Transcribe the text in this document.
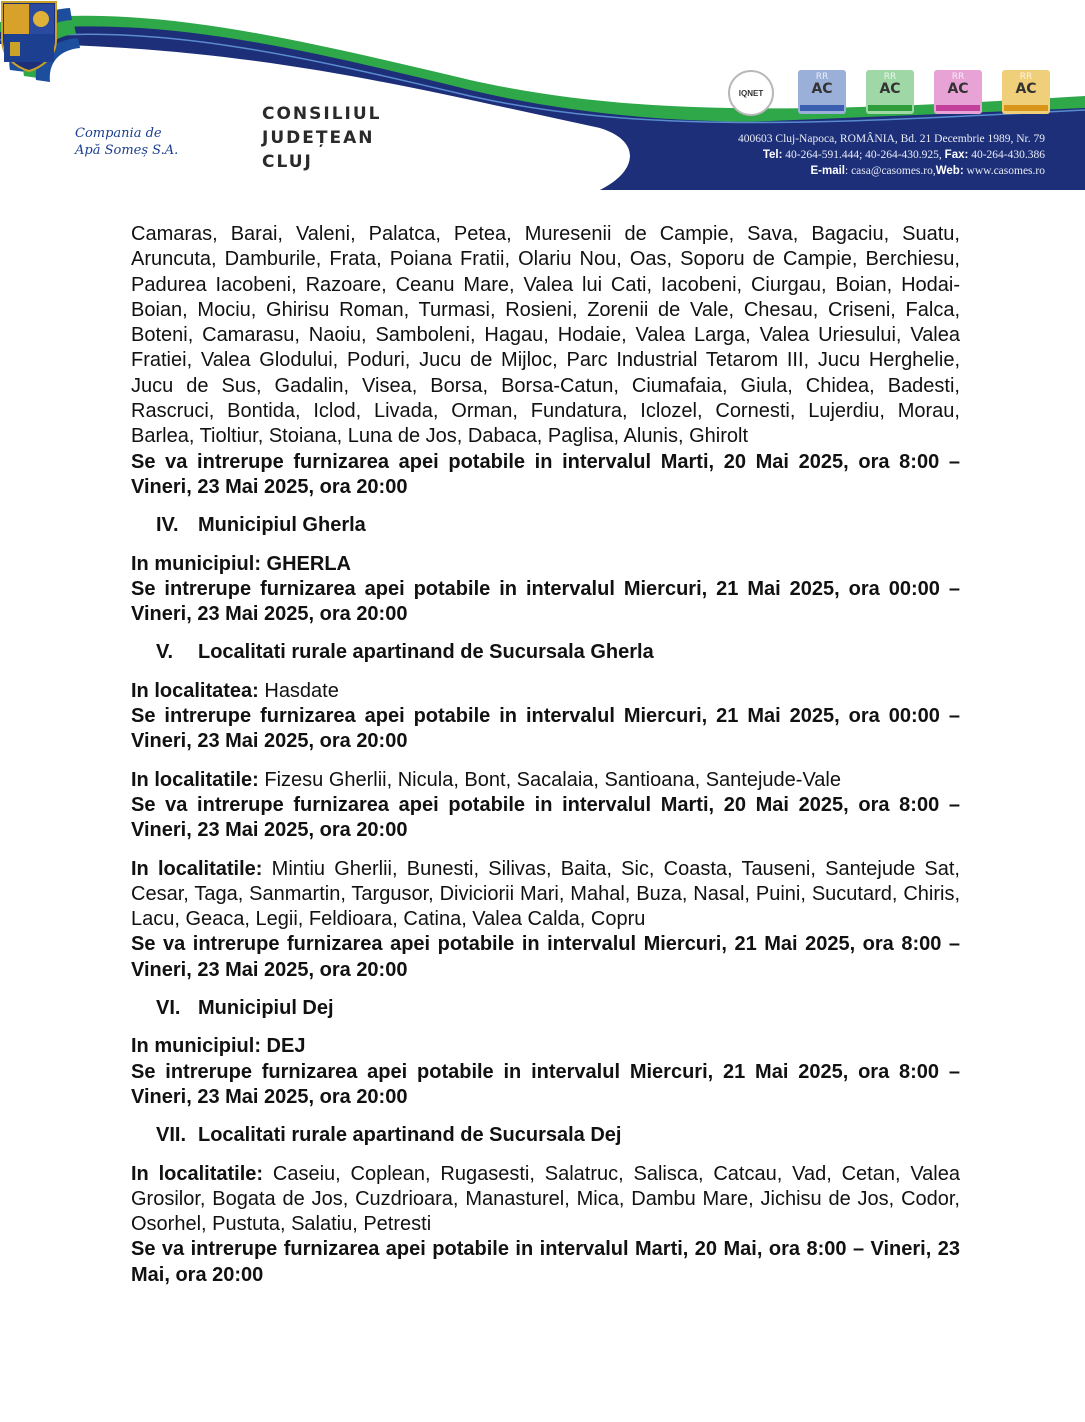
Compania de Apă Someș S.A.
CONSILIUL
JUDEȚEAN
CLUJ
IQNET
RR
AC
RR
AC
RR
AC
RR
AC
400603 Cluj-Napoca, ROMÂNIA, Bd. 21 Decembrie 1989, Nr. 79
Tel: 40-264-591.444; 40-264-430.925, Fax: 40-264-430.386
E-mail: casa@casomes.ro,Web: www.casomes.ro

Camaras, Barai, Valeni, Palatca, Petea, Muresenii de Campie, Sava, Bagaciu, Suatu, Aruncuta, Damburile, Frata, Poiana Fratii, Olariu Nou, Oas, Soporu de Campie, Berchiesu, Padurea Iacobeni, Razoare, Ceanu Mare, Valea lui Cati, Iacobeni, Ciurgau, Boian, Hodai-Boian, Mociu, Ghirisu Roman, Turmasi, Rosieni, Zorenii de Vale, Chesau, Criseni, Falca, Boteni, Camarasu, Naoiu, Samboleni, Hagau, Hodaie, Valea Larga, Valea Uriesului, Valea Fratiei, Valea Glodului, Poduri, Jucu de Mijloc, Parc Industrial Tetarom III, Jucu Herghelie, Jucu de Sus, Gadalin, Visea, Borsa, Borsa-Catun, Ciumafaia, Giula, Chidea, Badesti, Rascruci, Bontida, Iclod, Livada, Orman, Fundatura, Iclozel, Cornesti, Lujerdiu, Morau, Barlea, Tioltiur, Stoiana, Luna de Jos, Dabaca, Paglisa, Alunis, Ghirolt

Se va intrerupe furnizarea apei potabile in intervalul Marti, 20 Mai 2025, ora 8:00 – Vineri, 23 Mai 2025, ora 20:00

IV. Municipiul Gherla

In municipiul: GHERLA

Se intrerupe furnizarea apei potabile in intervalul Miercuri, 21 Mai 2025, ora 00:00 – Vineri, 23 Mai 2025, ora 20:00

V. Localitati rurale apartinand de Sucursala Gherla

In localitatea: Hasdate

Se intrerupe furnizarea apei potabile in intervalul Miercuri, 21 Mai 2025, ora 00:00 – Vineri, 23 Mai 2025, ora 20:00

In localitatile: Fizesu Gherlii, Nicula, Bont, Sacalaia, Santioana, Santejude-Vale

Se va intrerupe furnizarea apei potabile in intervalul Marti, 20 Mai 2025, ora 8:00 – Vineri, 23 Mai 2025, ora 20:00

In localitatile: Mintiu Gherlii, Bunesti, Silivas, Baita, Sic, Coasta, Tauseni, Santejude Sat, Cesar, Taga, Sanmartin, Targusor, Diviciorii Mari, Mahal, Buza, Nasal, Puini, Sucutard, Chiris, Lacu, Geaca, Legii, Feldioara, Catina, Valea Calda, Copru

Se va intrerupe furnizarea apei potabile in intervalul Miercuri, 21 Mai 2025, ora 8:00 – Vineri, 23 Mai 2025, ora 20:00

VI. Municipiul Dej

In municipiul: DEJ

Se intrerupe furnizarea apei potabile in intervalul Miercuri, 21 Mai 2025, ora 8:00 – Vineri, 23 Mai 2025, ora 20:00

VII. Localitati rurale apartinand de Sucursala Dej

In localitatile: Caseiu, Coplean, Rugasesti, Salatruc, Salisca, Catcau, Vad, Cetan, Valea Grosilor, Bogata de Jos, Cuzdrioara, Manasturel, Mica, Dambu Mare, Jichisu de Jos, Codor, Osorhel, Pustuta, Salatiu, Petresti

Se va intrerupe furnizarea apei potabile in intervalul Marti, 20 Mai, ora 8:00 – Vineri, 23 Mai, ora 20:00
